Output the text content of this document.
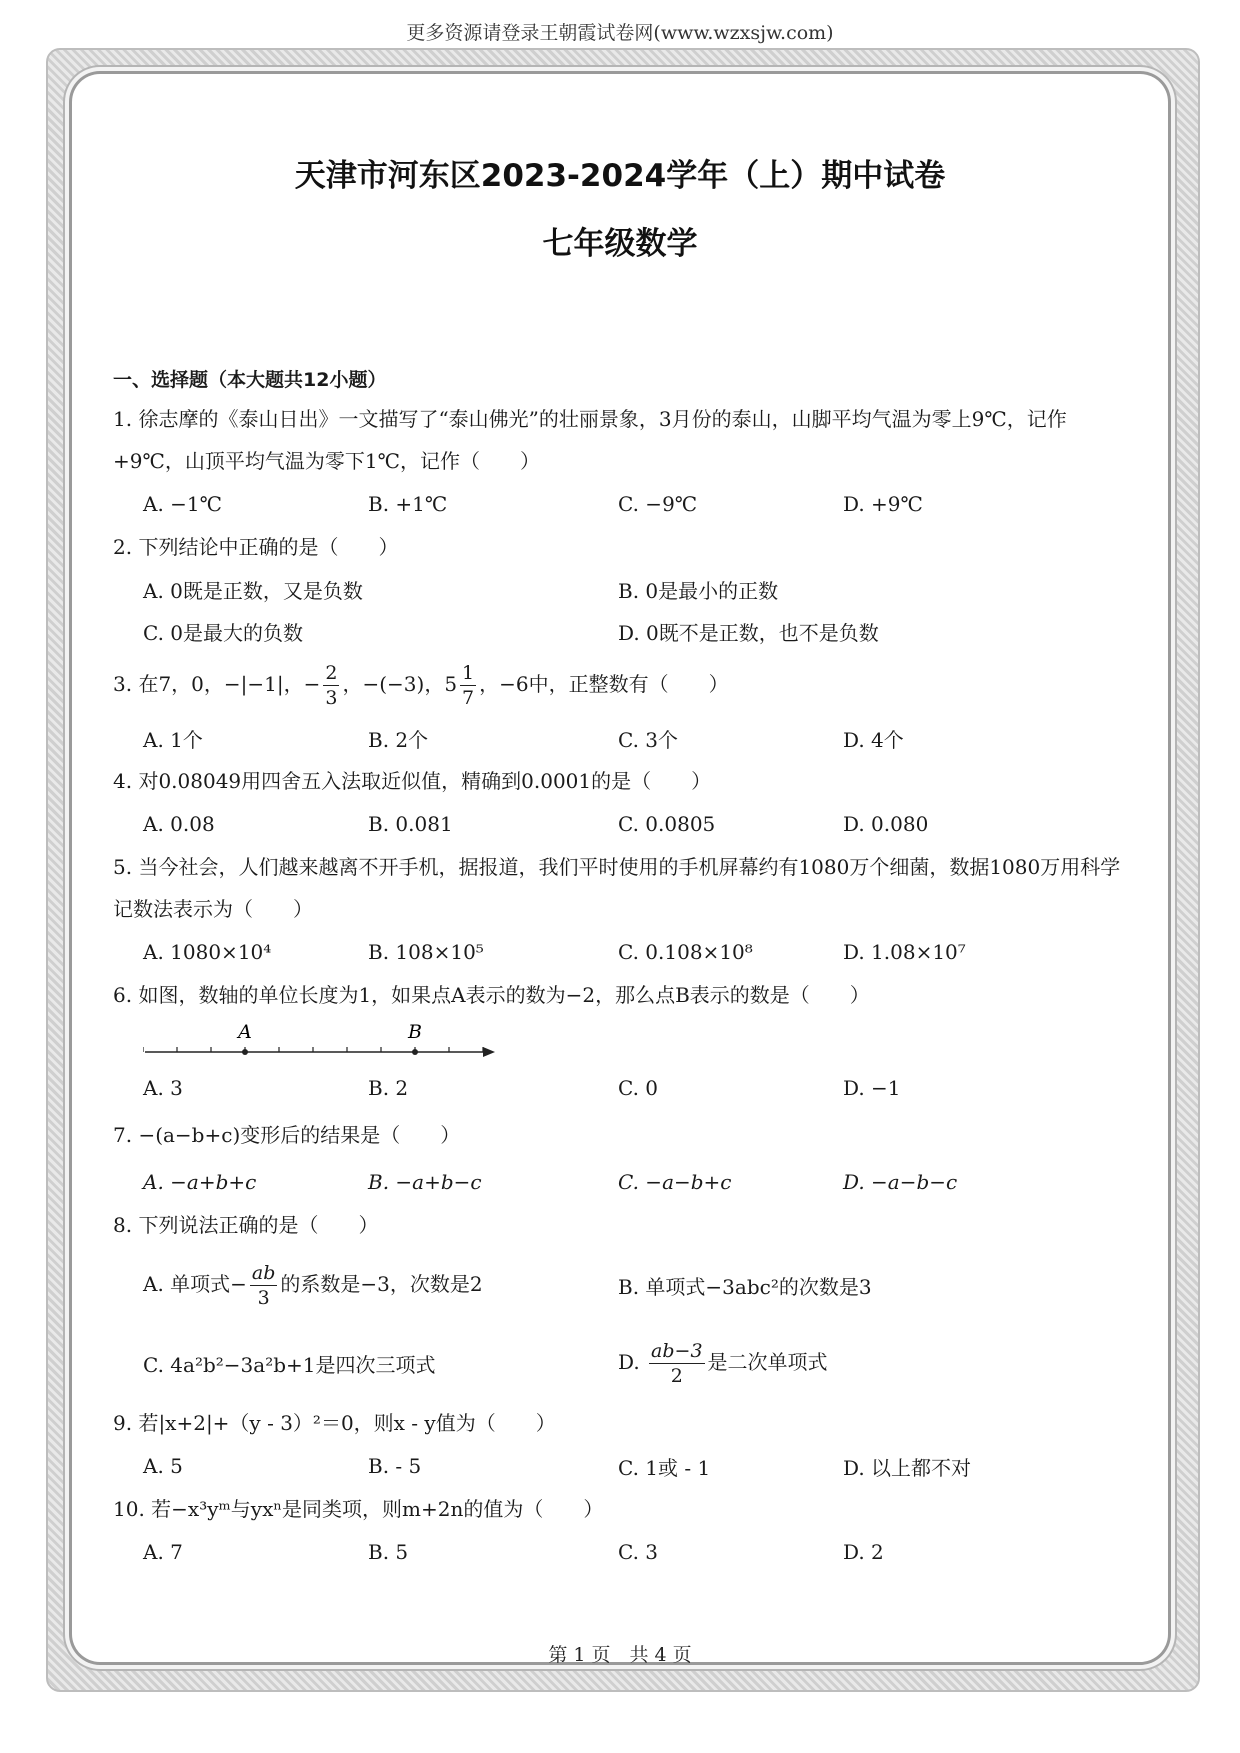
更多资源请登录王朝霞试卷网(www.wzxsjw.com)
天津市河东区2023-2024学年（上）期中试卷
七年级数学
一、选择题（本大题共12小题）
1. 徐志摩的《泰山日出》一文描写了“泰山佛光”的壮丽景象，3月份的泰山，山脚平均气温为零上9℃，记作+9℃，山顶平均气温为零下1℃，记作（　　）
A. −1℃	B. +1℃	C. −9℃	D. +9℃
2. 下列结论中正确的是（　　）
A. 0既是正数，又是负数	B. 0是最小的正数
C. 0是最大的负数	D. 0既不是正数，也不是负数
3. 在7，0，−|−1|，− $\frac{2}{3}$ ，−(−3)，$5 \frac{1}{7}$ ，−6中，正整数有（　　）
A. 1个	B. 2个	C. 3个	D. 4个
4. 对0.08049用四舍五入法取近似值，精确到0.0001的是（　　）
A. 0.08	B. 0.081	C. 0.0805	D. 0.080
5. 当今社会，人们越来越离不开手机，据报道，我们平时使用的手机屏幕约有1080万个细菌，数据1080万用科学记数法表示为（　　）
A. 1080×10⁴	B. 108×10⁵	C. 0.108×10⁸	D. 1.08×10⁷
6. 如图，数轴的单位长度为1，如果点A表示的数为−2，那么点B表示的数是（　　）
A	B
A. 3	B. 2	C. 0	D. −1
7. −(a−b+c)变形后的结果是（　　）
A. −a+b+c	B. −a+b−c	C. −a−b+c	D. −a−b−c
8. 下列说法正确的是（　　）
A. 单项式− $\frac{ab}{3}$ 的系数是−3，次数是2	B. 单项式−3abc²的次数是3
C. 4a²b²−3a²b+1是四次三项式	D. $\frac{ab-3}{2}$ 是二次单项式
9. 若|x+2|+（y - 3）²＝0，则x - y值为（　　）
A. 5	B. - 5	C. 1或 - 1	D. 以上都不对
10. 若−x³yᵐ与yxⁿ是同类项，则m+2n的值为（　　）
A. 7	B. 5	C. 3	D. 2
第 1 页　共 4 页
